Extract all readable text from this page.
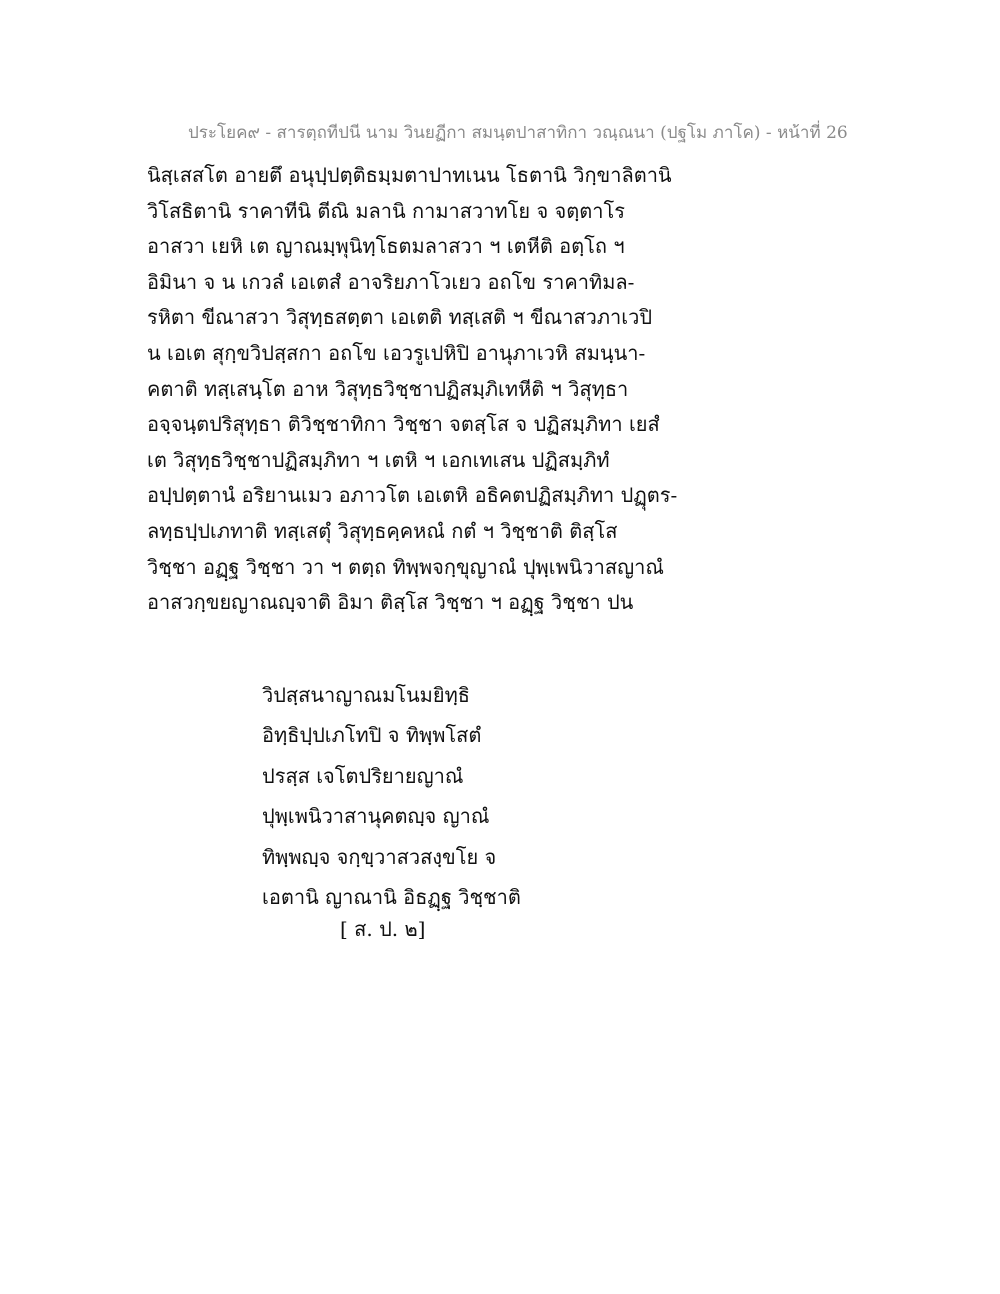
ประโยค๙ - สารตฺถทีปนี นาม วินยฏีกา สมนฺตปาสาทิกา วณฺณนา (ปฐโม ภาโค) - หน้าที่ 26
นิสฺเสสโต อายตึ อนุปฺปตฺติธมฺมตาปาทเนน โธตานิ วิกฺขาลิตานิ
วิโสธิตานิ ราคาทีนิ ตีณิ มลานิ กามาสวาทโย จ จตฺตาโร
อาสวา เยหิ เต ญาณมฺพุนิทฺโธตมลาสวา ฯ เตหีติ อตฺโถ ฯ
อิมินา จ น เกวลํ เอเตสํ อาจริยภาโวเยว อถโข ราคาทิมล-
รหิตา ขีณาสวา วิสุทฺธสตฺตา เอเตติ ทสฺเสติ ฯ ขีณาสวภาเวปิ
น เอเต สุกฺขวิปสฺสกา อถโข เอวรูเปหิปิ อานุภาเวหิ สมนฺนา-
คตาติ ทสฺเสนฺโต อาห วิสุทฺธวิชฺชาปฏิสมฺภิเทหีติ ฯ วิสุทฺธา
อจฺจนฺตปริสุทฺธา ติวิชฺชาทิกา วิชฺชา จตสฺโส จ ปฏิสมฺภิทา เยสํ
เต วิสุทฺธวิชฺชาปฏิสมฺภิทา ฯ เตหิ ฯ เอกเทเสน ปฏิสมฺภิทํ
อปฺปตฺตานํ อริยานเมว อภาวโต เอเตหิ อธิคตปฏิสมฺภิทา ปฏุตร-
ลทฺธปฺปเภทาติ ทสฺเสตุํ วิสุทฺธคฺคหณํ กตํ ฯ วิชฺชาติ ติสฺโส
วิชฺชา อฏฺฐ วิชฺชา วา ฯ ตตฺถ ทิพฺพจกฺขุญาณํ ปุพฺเพนิวาสญาณํ
อาสวกฺขยญาณญฺจาติ อิมา ติสฺโส วิชฺชา ฯ อฏฺฐ วิชฺชา ปน
วิปสฺสนาญาณมโนมยิทฺธิ
อิทฺธิปฺปเภโทปิ จ ทิพฺพโสตํ
ปรสฺส เจโตปริยายญาณํ
ปุพฺเพนิวาสานุคตญฺจ ญาณํ
ทิพฺพญฺจ จกฺขฺวาสวสงฺขโย จ
เอตานิ ญาณานิ อิธฏฺฐ วิชฺชาติ
[ ส. ป. ๒]
